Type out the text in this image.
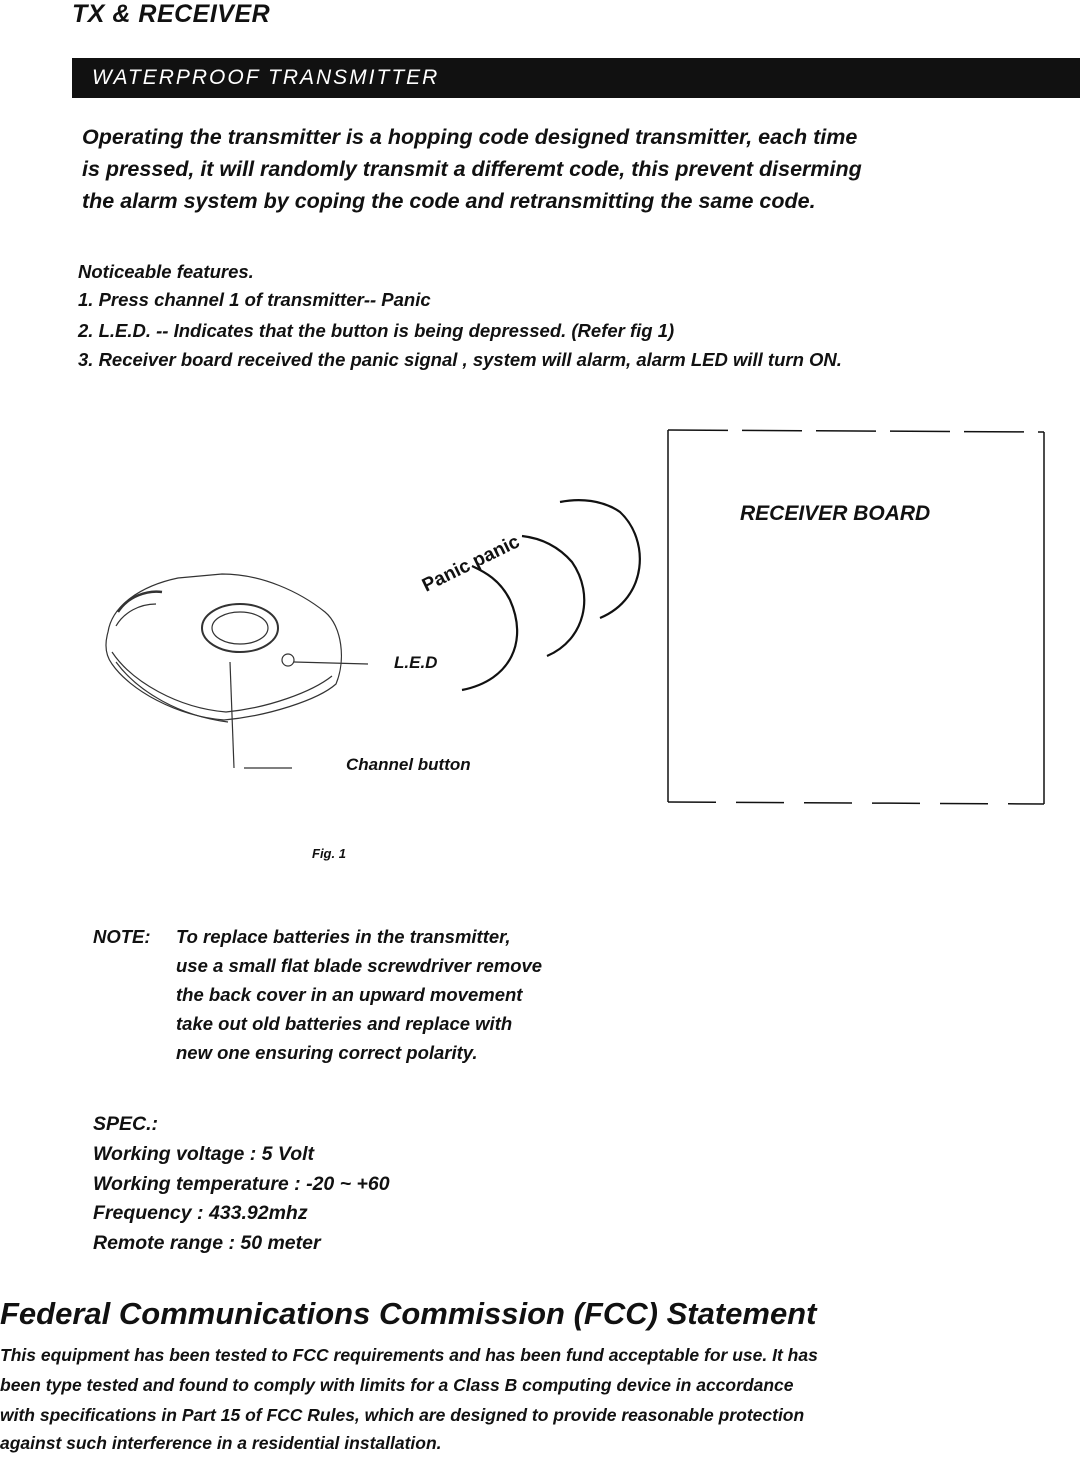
TX & RECEIVER
WATERPROOF TRANSMITTER
Operating the transmitter is a hopping code designed transmitter, each time
is pressed, it will randomly transmit a differemt code, this prevent diserming
the alarm system by coping the code and retransmitting the same code.
Noticeable features.
1. Press channel 1 of transmitter-- Panic
2. L.E.D. -- Indicates that the button is being depressed. (Refer fig 1)
3. Receiver board received the panic signal , system will alarm, alarm LED will turn ON.
RECEIVER BOARD
Panic panic
L.E.D
Channel button
Fig. 1
NOTE: To replace batteries in the transmitter,
use a small flat blade screwdriver remove
the back cover in an upward movement
take out old batteries and replace with
new one ensuring correct polarity.
SPEC.:
Working voltage : 5 Volt
Working temperature : -20 ~ +60
Frequency : 433.92mhz
Remote range : 50 meter
Federal Communications Commission (FCC) Statement
This equipment has been tested to FCC requirements and has been fund acceptable for use. It has
been type tested and found to comply with limits for a Class B computing device in accordance
with specifications in Part 15 of FCC Rules, which are designed to provide reasonable protection
against such interference in a residential installation.
